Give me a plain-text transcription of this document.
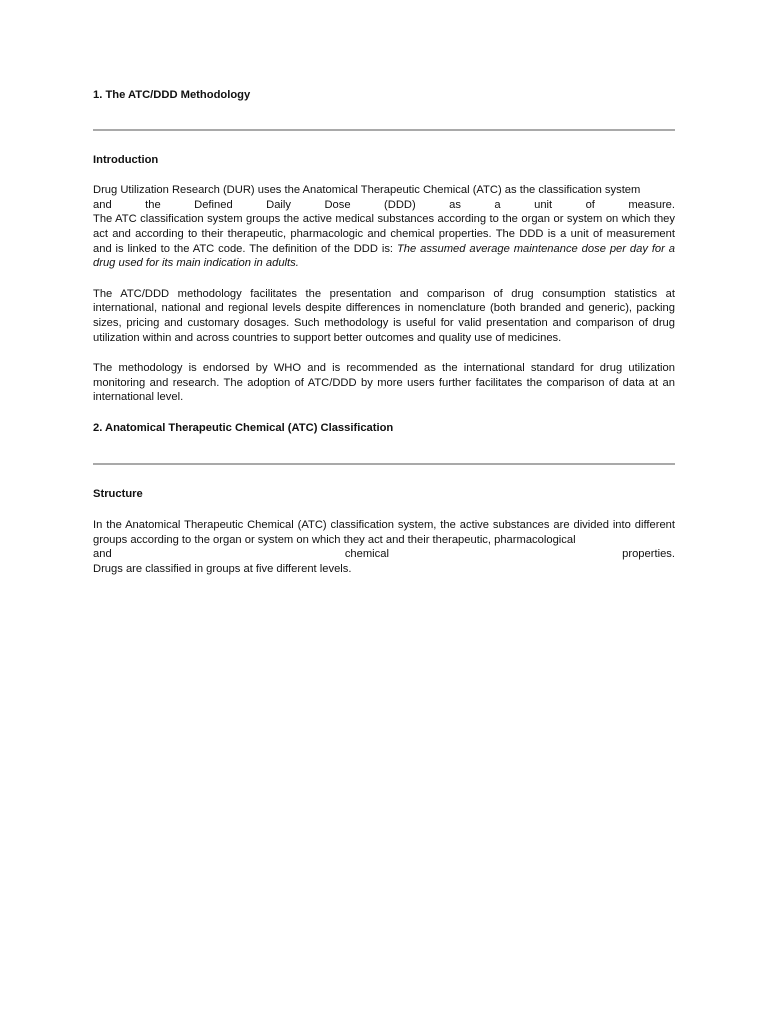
1. The ATC/DDD Methodology
Introduction

Drug Utilization Research (DUR) uses the Anatomical Therapeutic Chemical (ATC) as the classification system

and the Defined Daily Dose (DDD) as a unit of measure.

The ATC classification system groups the active medical substances according to the organ or system on which they act and according to their therapeutic, pharmacologic and chemical properties. The DDD is a unit of measurement and is linked to the ATC code. The definition of the DDD is: The assumed average maintenance dose per day for a drug used for its main indication in adults.

The ATC/DDD methodology facilitates the presentation and comparison of drug consumption statistics at international, national and regional levels despite differences in nomenclature (both branded and generic), packing sizes, pricing and customary dosages. Such methodology is useful for valid presentation and comparison of drug utilization within and across countries to support better outcomes and quality use of medicines.

The methodology is endorsed by WHO and is recommended as the international standard for drug utilization monitoring and research. The adoption of ATC/DDD by more users further facilitates the comparison of data at an international level.

2. Anatomical Therapeutic Chemical (ATC) Classification
Structure

In the Anatomical Therapeutic Chemical (ATC) classification system, the active substances are divided into different groups according to the organ or system on which they act and their therapeutic, pharmacological

and chemical properties.

Drugs are classified in groups at five different levels.
